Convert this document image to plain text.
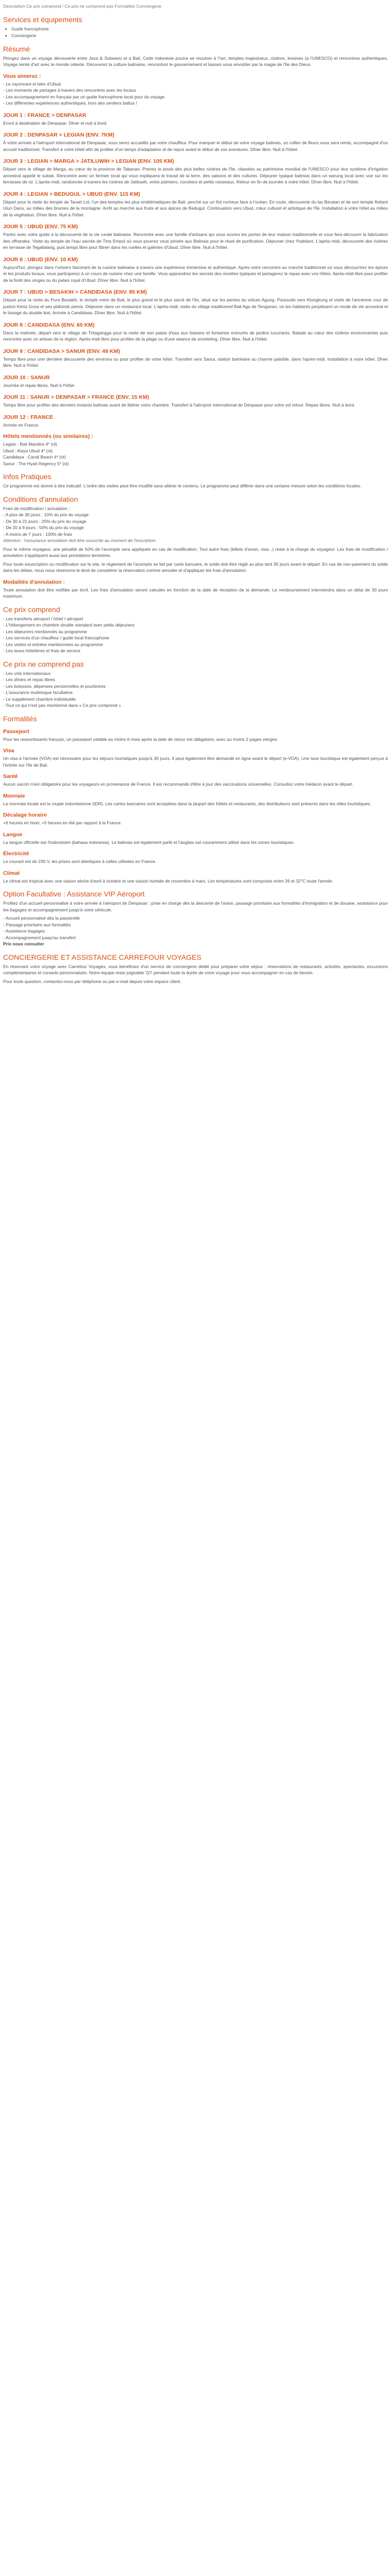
Description Ce prix comprend / Ce prix ne comprend pas Formalités Conciergerie
Services et équipements
• Guide francophone
• Conciergerie
Résumé
Plongez dans un voyage découverte entre Java & Sulawesi et à Bali. Cette indonésie pourra se résumer à 'l'art, temples majestueux, rizières, lessives (à l'UNESCO) et rencontres authentiques. Voyage teinté d'art avec le monde céleste. Découvrez la culture balinaise, rencontrez le gouvernement et laissez-vous envoûter par la magie de l'Ile des Dieux.
Vous aimerez :
- Le rayonnant et bien d'Ubud
- Les moments de partages à travers des rencontres avec les locaux
- Les accompagnement en français par un guide francophone local pour du voyage
- Les différentes expériences authentiques, hors des sentiers battus !
JOUR 1 : FRANCE > DENPASAR
Envol à destination de Denpasar. Dîner et nuit à bord.
JOUR 2 : DENPASAR > LEGIAN (ENV. 7KM)
À votre arrivée à l'aéroport international de Denpasar, vous serez accueillis par votre chauffeur. Pour marquer le début de votre voyage balinais, un collier de fleurs vous sera remis, accompagné d'un accueil traditionnel. Transfert à votre hôtel afin de profiter d'un temps d'adaptation et de repos avant le début de vos aventures. Dîner libre. Nuit à l'hôtel.
JOUR 3 : LEGIAN > MARGA > JATILUWIH > LEGIAN (ENV. 105 KM)
Départ vers le village de Marga, au cœur de la province de Tabanan. Prenez le pouls des plus belles rizières de l'île, classées au patrimoine mondial de l'UNESCO pour leur système d'irrigation ancestral appelé le subak. Rencontre avec un fermier local qui vous expliquera le travail de la terre, des saisons et des cultures. Déjeuner typique balinais dans un warung local avec vue sur les terrasses de riz. L'après-midi, randonnée à travers les rizières de Jatiluwih, entre palmiers, cocotiers et petits ruisseaux. Retour en fin de journée à votre hôtel. Dîner libre. Nuit à l'hôtel.
JOUR 4 : LEGIAN > BEDUGUL > UBUD (ENV. 115 KM)
Départ pour la visite du temple de Tanah Lot, l'un des temples les plus emblématiques de Bali, perché sur un îlot rocheux face à l'océan. En route, découverte du lac Beratan et de son temple flottant Ulun Danu, au milieu des brumes de la montagne. Arrêt au marché aux fruits et aux épices de Bedugul. Continuation vers Ubud, cœur culturel et artistique de l'île. Installation à votre hôtel au milieu de la végétation. Dîner libre. Nuit à l'hôtel.
JOUR 5 : UBUD (ENV. 75 KM)
Partez avec votre guide à la découverte de la vie rurale balinaise. Rencontre avec une famille d'artisans qui vous ouvrira les portes de leur maison traditionnelle et vous fera découvrir la fabrication des offrandes. Visite du temple de l'eau sacrée de Tirta Empul où vous pourrez vous joindre aux Balinais pour le rituel de purification. Déjeuner chez l'habitant. L'après-midi, découverte des rizières en terrasse de Tegallalang, puis temps libre pour flâner dans les ruelles et galeries d'Ubud. Dîner libre. Nuit à l'hôtel.
JOUR 6 : UBUD (ENV. 10 KM)
Aujourd'hui, plongez dans l'univers fascinant de la cuisine balinaise à travers une expérience immersive et authentique. Après votre rencontre au marché traditionnel où vous découvrirez les épices et les produits locaux, vous participerez à un cours de cuisine chez une famille. Vous apprendrez les secrets des recettes typiques et partagerez le repas avec vos hôtes. Après-midi libre pour profiter de la forêt des singes ou du palais royal d'Ubud. Dîner libre. Nuit à l'hôtel.
JOUR 7 : UBUD > BESAKIH > CANDIDASA (ENV. 85 KM)
Départ pour la visite du Pura Besakih, le temple mère de Bali, le plus grand et le plus sacré de l'île, situé sur les pentes du volcan Agung. Poursuite vers Klungkung et visite de l'ancienne cour de justice Kerta Gosa et ses plafonds peints. Déjeuner dans un restaurant local. L'après-midi, visite du village traditionnel Bali Aga de Tenganan, où les habitants perpétuent un mode de vie ancestral et le tissage du double ikat. Arrivée à Candidasa. Dîner libre. Nuit à l'hôtel.
JOUR 8 : CANDIDASA (ENV. 60 KM)
Dans la matinée, départ vers le village de Tirtagangga pour la visite de son palais d'eau aux bassins et fontaines entourés de jardins luxuriants. Balade au cœur des rizières environnantes puis rencontre avec un artisan de la région. Après-midi libre pour profiter de la plage ou d'une séance de snorkeling. Dîner libre. Nuit à l'hôtel.
JOUR 9 : CANDIDASA > SANUR (ENV. 49 KM)
Temps libre pour une dernière découverte des environs ou pour profiter de votre hôtel. Transfert vers Sanur, station balnéaire au charme paisible, dans l'après-midi. Installation à votre hôtel. Dîner libre. Nuit à l'hôtel.
JOUR 10 : SANUR
Journée et repas libres. Nuit à l'hôtel.
JOUR 11 : SANUR > DENPASAR > FRANCE (ENV. 15 KM)
Temps libre pour profiter des derniers instants balinais avant de libérer votre chambre. Transfert à l'aéroport international de Denpasar pour votre vol retour. Repas libres. Nuit à bord.
JOUR 12 : FRANCE
Arrivée en France.
Hôtels mentionnés (ou similaires) :
Legian : Bali Mandira 4* (nl)
Ubud : Alaya Ubud 4* (nl)
Candidasa : Candi Beach 4* (nl)
Sanur : The Hyatt Regency 5* (nl)
Infos Pratiques
Ce programme est donné à titre indicatif. L'ordre des visites peut être modifié sans altérer le contenu. Le programme peut différer dans une certaine mesure selon les conditions locales.
Conditions d'annulation
Frais de modification / annulation :
- A plus de 30 jours : 10% du prix du voyage
- De 30 à 21 jours : 25% du prix du voyage
- De 20 à 8 jours : 50% du prix du voyage
- A moins de 7 jours : 100% de frais
Attention : l'assurance annulation doit être souscrite au moment de l'inscription.
Pour le même voyageur, une pénalité de 50% de l'acompte sera appliquée en cas de modification. Tout autre frais (billets d'avion, visa...) reste à la charge du voyageur. Les frais de modification / annulation s'appliquent aussi aux prestations terrestres.
Pour toute souscription ou modification sur le site, le règlement de l'acompte se fait par carte bancaire, le solde doit être réglé au plus tard 30 jours avant le départ. En cas de non-paiement du solde dans les délais, nous nous réservons le droit de considérer la réservation comme annulée et d'appliquer les frais d'annulation.
Modalités d'annulation :
Toute annulation doit être notifiée par écrit. Les frais d'annulation seront calculés en fonction de la date de réception de la demande. Le remboursement interviendra dans un délai de 30 jours maximum.
Ce prix comprend
- Les transferts aéroport / hôtel / aéroport
- L'hébergement en chambre double standard avec petits déjeuners
- Les déjeuners mentionnés au programme
- Les services d'un chauffeur / guide local francophone
- Les visites et entrées mentionnées au programme
- Les taxes hôtelières et frais de service
Ce prix ne comprend pas
- Les vols internationaux
- Les dîners et repas libres
- Les boissons, dépenses personnelles et pourboires
- L'assurance multirisque facultative
- Le supplément chambre individuelle
- Tout ce qui n'est pas mentionné dans « Ce prix comprend »
Formalités
Passeport
Pour les ressortissants français, un passeport valable au moins 6 mois après la date de retour est obligatoire, avec au moins 2 pages vierges.
Visa
Un visa à l'arrivée (VOA) est nécessaire pour les séjours touristiques jusqu'à 30 jours. Il peut également être demandé en ligne avant le départ (e-VOA). Une taxe touristique est également perçue à l'entrée sur l'île de Bali.
Santé
Aucun vaccin n'est obligatoire pour les voyageurs en provenance de France. Il est recommandé d'être à jour des vaccinations universelles. Consultez votre médecin avant le départ.
Monnaie
La monnaie locale est la roupie indonésienne (IDR). Les cartes bancaires sont acceptées dans la plupart des hôtels et restaurants, des distributeurs sont présents dans les villes touristiques.
Décalage horaire
+6 heures en hiver, +5 heures en été par rapport à la France.
Langue
La langue officielle est l'indonésien (bahasa indonesia). Le balinais est également parlé et l'anglais est couramment utilisé dans les zones touristiques.
Électricité
Le courant est de 230 V, les prises sont identiques à celles utilisées en France.
Climat
Le climat est tropical avec une saison sèche d'avril à octobre et une saison humide de novembre à mars. Les températures sont comprises entre 26 et 32°C toute l'année.
Option Facultative : Assistance VIP Aéroport
Profitez d'un accueil personnalisé à votre arrivée à l'aéroport de Denpasar : prise en charge dès la descente de l'avion, passage prioritaire aux formalités d'immigration et de douane, assistance pour les bagages et accompagnement jusqu'à votre véhicule.
- Accueil personnalisé dès la passerelle
- Passage prioritaire aux formalités
- Assistance bagages
- Accompagnement jusqu'au transfert
Prix nous consulter
CONCIERGERIE ET ASSISTANCE CARREFOUR VOYAGES
En réservant votre voyage avec Carrefour Voyages, vous bénéficiez d'un service de conciergerie dédié pour préparer votre séjour : réservations de restaurants, activités, spectacles, excursions complémentaires et conseils personnalisés. Notre équipe reste joignable 7j/7 pendant toute la durée de votre voyage pour vous accompagner en cas de besoin.
Pour toute question, contactez-nous par téléphone ou par e-mail depuis votre espace client.
